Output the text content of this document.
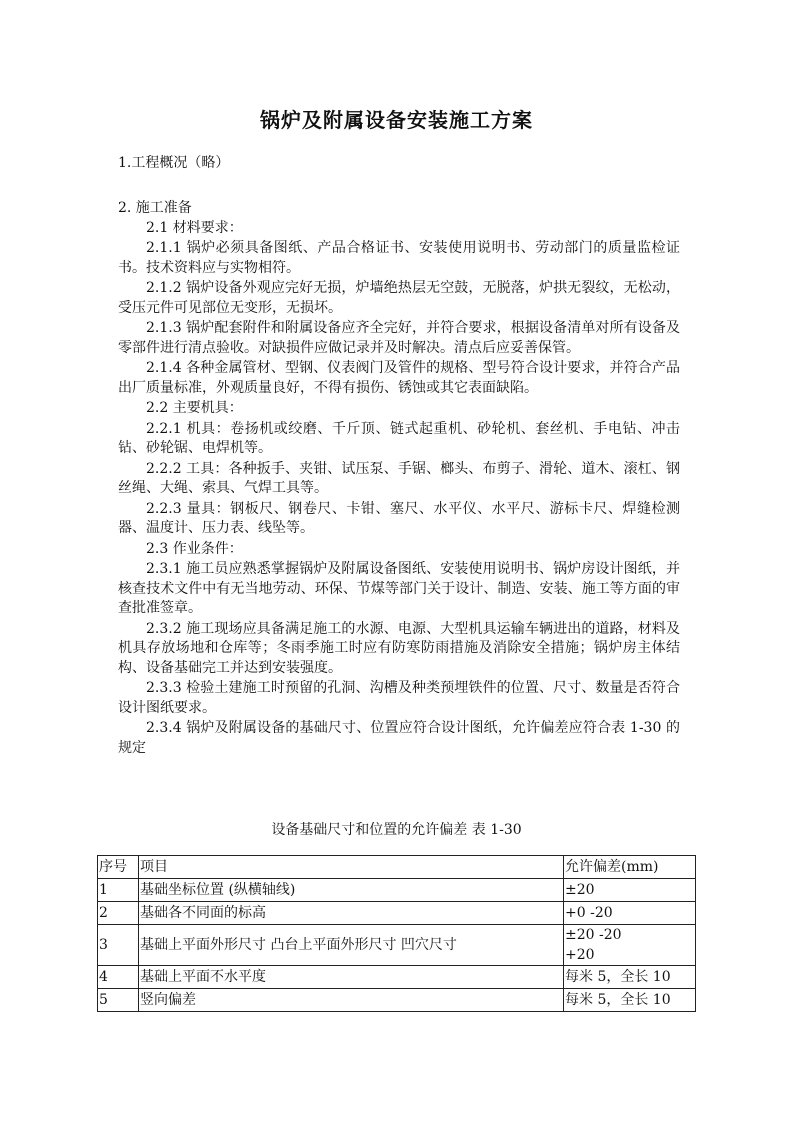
锅炉及附属设备安装施工方案

1.工程概况（略）

2. 施工准备

2.1 材料要求：

2.1.1 锅炉必须具备图纸、产品合格证书、安装使用说明书、劳动部门的质量监检证书。技术资料应与实物相符。

2.1.2 锅炉设备外观应完好无损，炉墙绝热层无空鼓，无脱落，炉拱无裂纹，无松动，受压元件可见部位无变形，无损坏。

2.1.3 锅炉配套附件和附属设备应齐全完好，并符合要求，根据设备清单对所有设备及零部件进行清点验收。对缺损件应做记录并及时解决。清点后应妥善保管。

2.1.4 各种金属管材、型钢、仪表阀门及管件的规格、型号符合设计要求，并符合产品出厂质量标准，外观质量良好，不得有损伤、锈蚀或其它表面缺陷。

2.2 主要机具：

2.2.1 机具：卷扬机或绞磨、千斤顶、链式起重机、砂轮机、套丝机、手电钻、冲击钻、砂轮锯、电焊机等。

2.2.2 工具：各种扳手、夹钳、试压泵、手锯、榔头、布剪子、滑轮、道木、滚杠、钢丝绳、大绳、索具、气焊工具等。

2.2.3 量具：钢板尺、钢卷尺、卡钳、塞尺、水平仪、水平尺、游标卡尺、焊缝检测器、温度计、压力表、线坠等。

2.3 作业条件：

2.3.1 施工员应熟悉掌握锅炉及附属设备图纸、安装使用说明书、锅炉房设计图纸，并核查技术文件中有无当地劳动、环保、节煤等部门关于设计、制造、安装、施工等方面的审查批准签章。

2.3.2 施工现场应具备满足施工的水源、电源、大型机具运输车辆进出的道路，材料及机具存放场地和仓库等；冬雨季施工时应有防寒防雨措施及消除安全措施；锅炉房主体结构、设备基础完工并达到安装强度。

2.3.3 检验土建施工时预留的孔洞、沟槽及种类预埋铁件的位置、尺寸、数量是否符合设计图纸要求。

2.3.4 锅炉及附属设备的基础尺寸、位置应符合设计图纸，允许偏差应符合表 1-30 的规定

设备基础尺寸和位置的允许偏差 表 1-30
序号	项目	允许偏差(mm)
1	基础坐标位置 (纵横轴线)	±20

2	基础各不同面的标高	+0 -20

3	基础上平面外形尺寸 凸台上平面外形尺寸 凹穴尺寸	±20 -20
+20

4	基础上平面不水平度	每米 5，全长 10

5	竖向偏差	每米 5，全长 10
